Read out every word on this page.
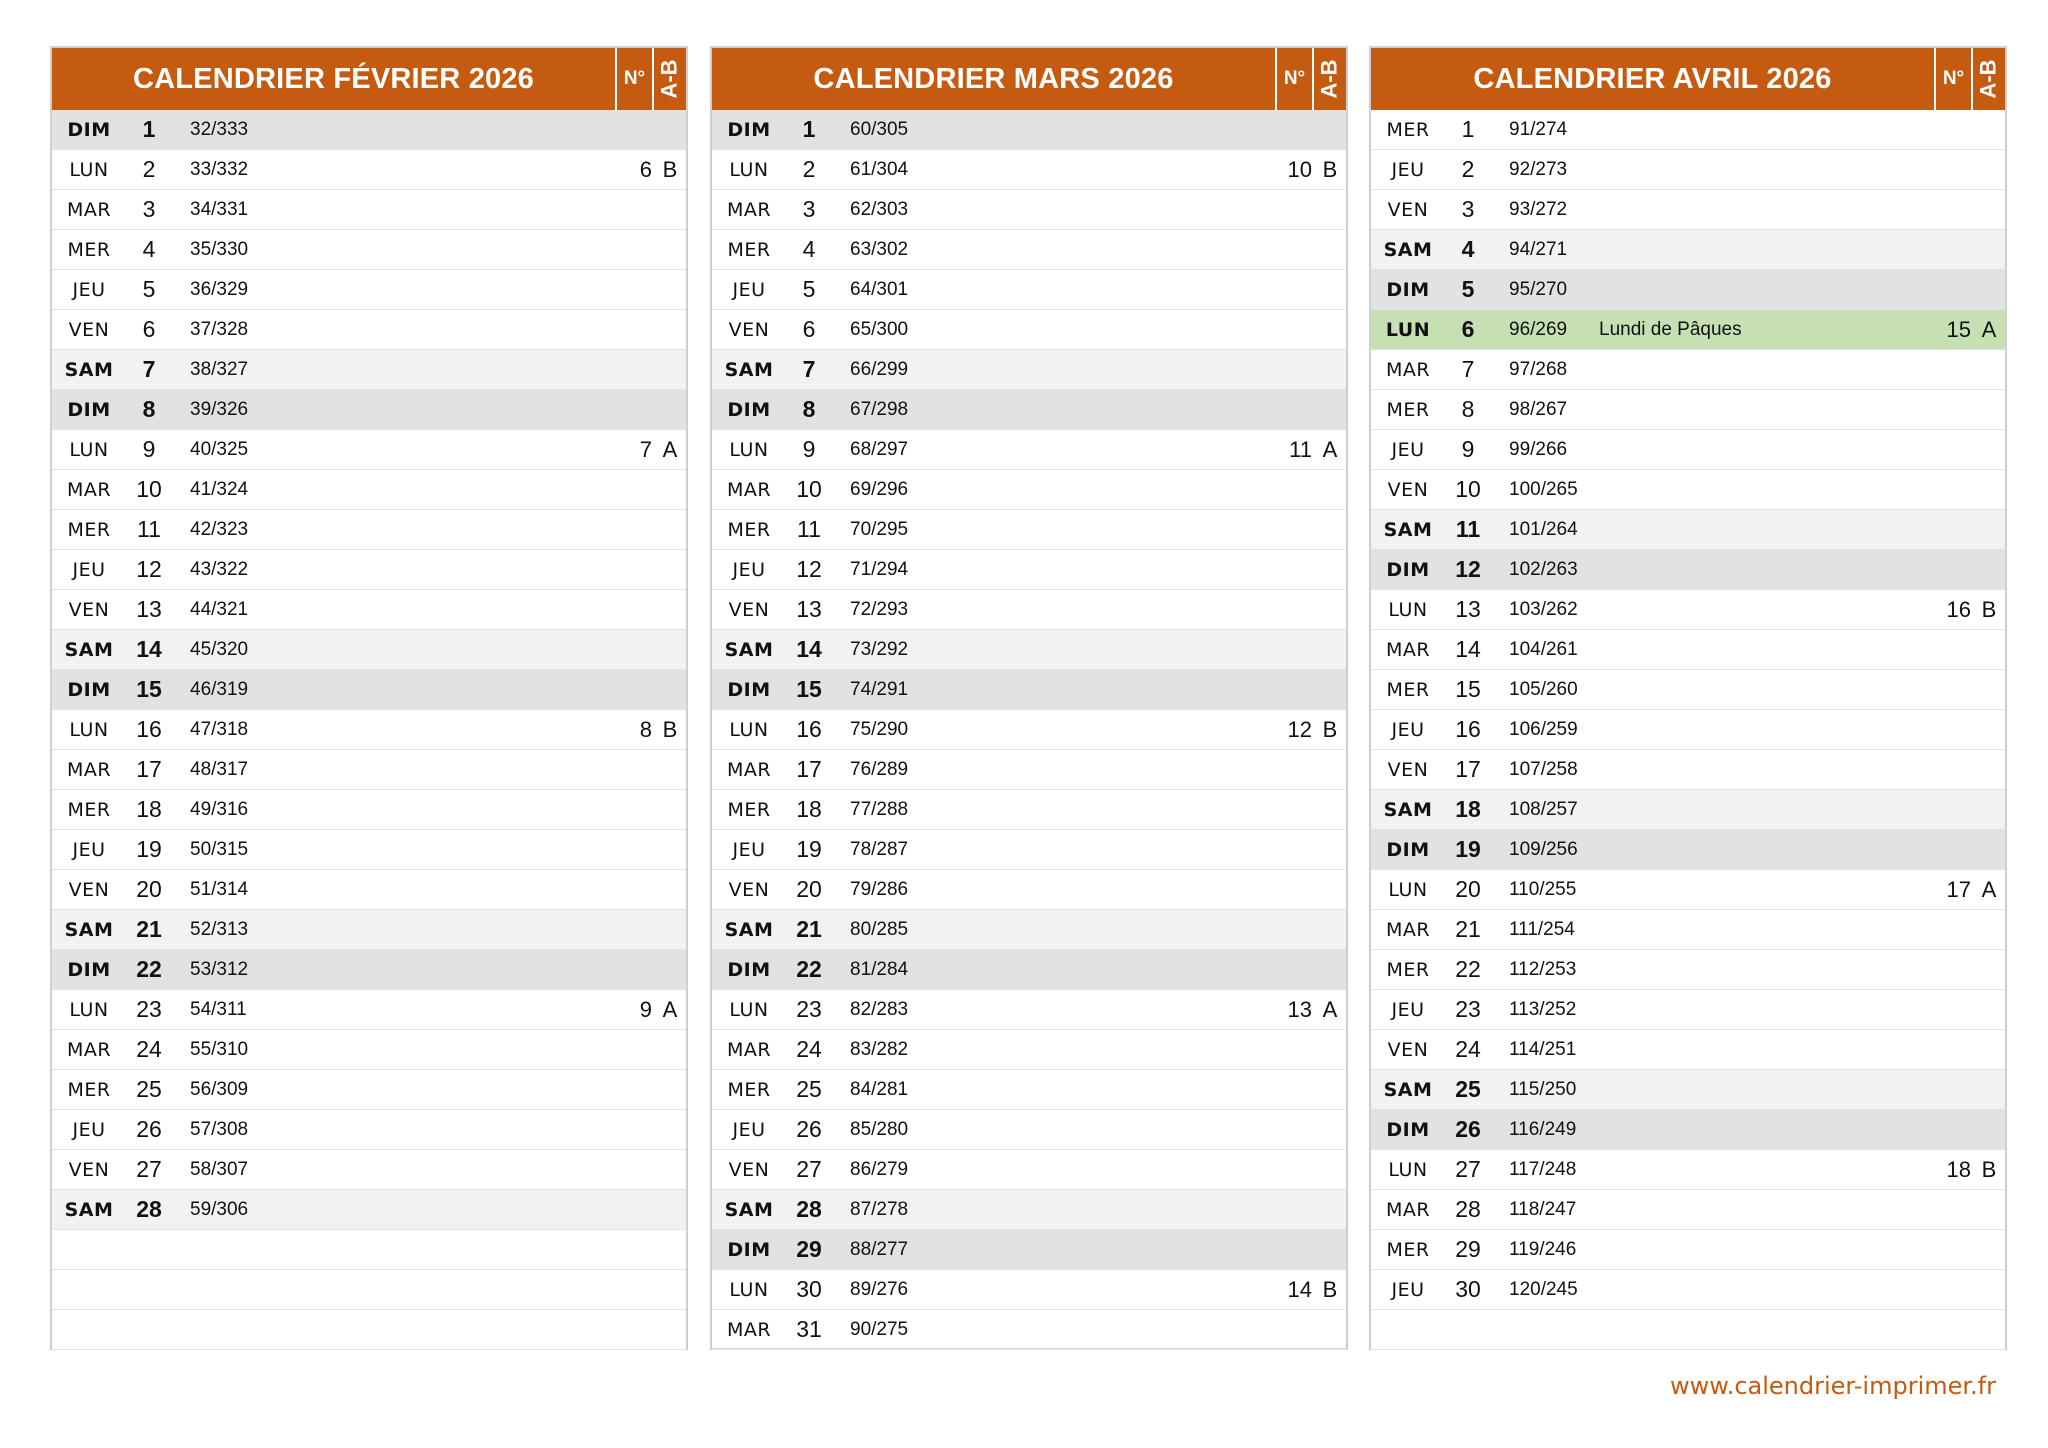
CALENDRIER FÉVRIER 2026	N° A-B
DIM	1	32/333
LUN	2	33/332	6 B
MAR	3	34/331
MER	4	35/330
JEU	5	36/329
VEN	6	37/328
SAM	7	38/327
DIM	8	39/326
LUN	9	40/325	7 A
MAR	10	41/324
MER	11	42/323
JEU	12	43/322
VEN	13	44/321
SAM 14	45/320
DIM	15	46/319
LUN	16	47/318	8 B
MAR	17	48/317
MER	18	49/316
JEU	19	50/315
VEN	20	51/314
SAM 21	52/313
DIM	22	53/312
LUN	23	54/311	9 A
MAR	24	55/310
MER	25	56/309
JEU	26	57/308
VEN	27	58/307
SAM 28	59/306
CALENDRIER MARS 2026	N° A-B
DIM	1	60/305
LUN	2	61/304	10 B
MAR	3	62/303
MER	4	63/302
JEU	5	64/301
VEN	6	65/300
SAM	7	66/299
DIM	8	67/298
LUN	9	68/297	11 A
MAR	10	69/296
MER	11	70/295
JEU	12	71/294
VEN	13	72/293
SAM 14	73/292
DIM	15	74/291
LUN	16	75/290	12 B
MAR	17	76/289
MER	18	77/288
JEU	19	78/287
VEN	20	79/286
SAM 21	80/285
DIM	22	81/284
LUN	23	82/283	13 A
MAR	24	83/282
MER	25	84/281
JEU	26	85/280
VEN	27	86/279
SAM 28	87/278
DIM	29	88/277
LUN	30	89/276	14 B
MAR	31	90/275
CALENDRIER AVRIL 2026	N° A-B
MER	1	91/274
JEU	2	92/273
VEN	3	93/272
SAM	4	94/271
DIM	5	95/270
LUN	6	96/269	Lundi de Pâques	15 A
MAR	7	97/268
MER	8	98/267
JEU	9	99/266
VEN	10	100/265
SAM	11	101/264
DIM	12	102/263
LUN	13	103/262	16 B
MAR	14	104/261
MER	15	105/260
JEU	16	106/259
VEN	17	107/258
SAM 18	108/257
DIM	19	109/256
LUN	20	110/255	17 A
MAR	21	111/254
MER	22	112/253
JEU	23	113/252
VEN	24	114/251
SAM 25	115/250
DIM	26	116/249
LUN	27	117/248	18 B
MAR	28	118/247
MER	29	119/246
JEU	30	120/245
www.calendrier-imprimer.fr
